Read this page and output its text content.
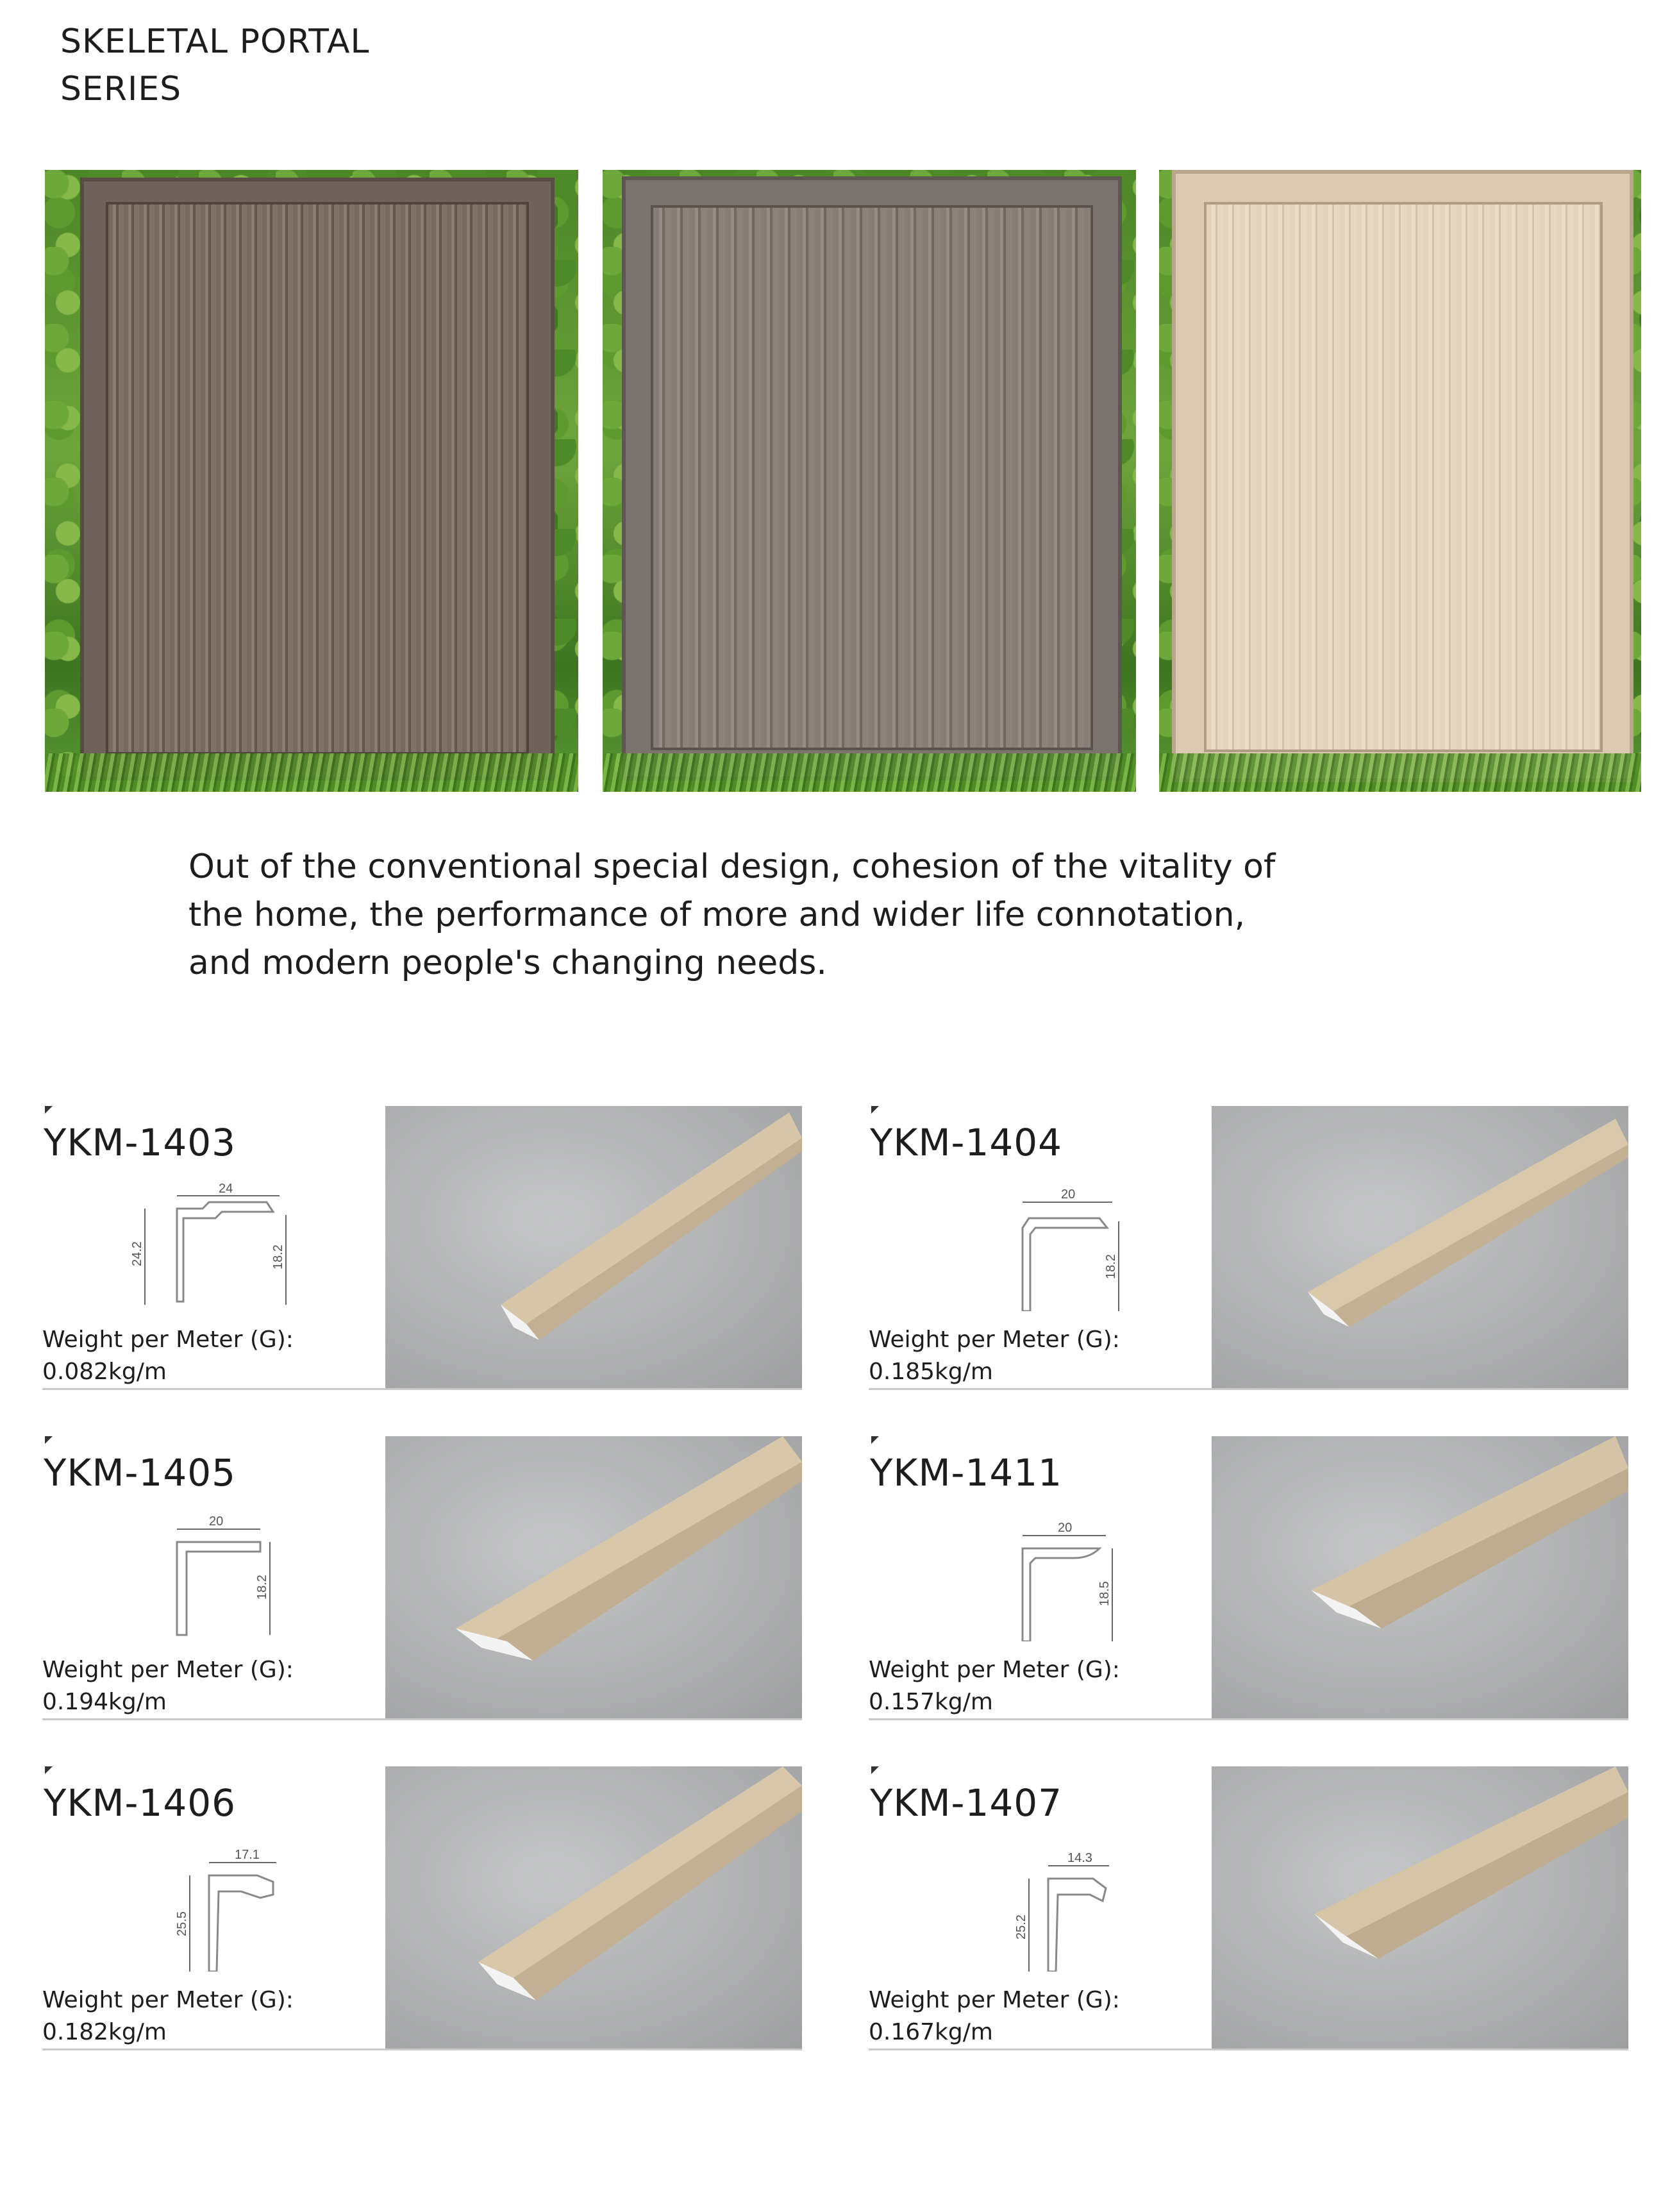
SKELETAL PORTAL
SERIES
Out of the conventional special design, cohesion of the vitality of the home, the performance of more and wider life connotation, and modern people's changing needs.
YKM-1403
24
24.2	18.2
Weight per Meter (G):
0.082kg/m
YKM-1404
20
18.2
Weight per Meter (G):
0.185kg/m
YKM-1405
20
18.2
Weight per Meter (G):
0.194kg/m
YKM-1411
20
18.5
Weight per Meter (G):
0.157kg/m
YKM-1406
17.1
25.5
Weight per Meter (G):
0.182kg/m
YKM-1407
14.3
25.2
Weight per Meter (G):
0.167kg/m
